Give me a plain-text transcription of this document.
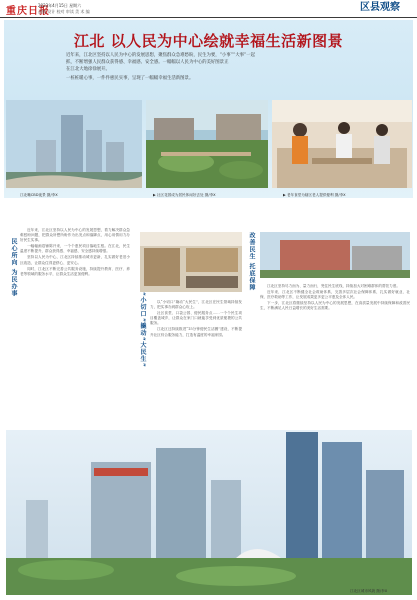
重庆日报
2023年4月15日 星期六
责编 设计 校对 审读 美 术 编	区县观察
江北 以人民为中心绘就幸福生活新图景
近年来，江北区坚持以人民为中心的发展思想，聚焦群众急难愁盼，民生为要，“小事”“大事”一起
抓，不断增强人民群众获得感、幸福感、安全感。一幅幅以人民为中心的美好图景正
在江北大地徐徐展开。
一桩桩暖心事，一件件惠民实事，呈现了一幅幅幸福生活新图景。
江北嘴CBD夜景 摄/李X	▶ 社区花园成为居民休闲好去处 摄/李X	▶ 老年食堂为辖区老人提供便利 摄/李X
民心所向 为民办事
“小切口”撬动“大民生”
改善民生 托底保障

近年来，江北区坚持以人民为中心的发展思想，着力解决群众急难愁盼问题，把群众所想所盼作为出发点和落脚点，用心用情用力办好民生实事。

一幅幅画卷铺陈开来，一个个惠民项目落地生根。在江北，民生温度不断提升，群众获得感、幸福感、安全感持续增强。

坚持以人民为中心，江北区持续推动城市更新，扎实做好老旧小区改造，让群众住得更舒心、更安心。

同时，江北区不断完善公共服务设施，持续提升教育、医疗、养老等领域的服务水平，让群众生活更加便利。

以“小切口”撬动“大民生”，江北区在民生领域持续发力，把实事办到群众心坎上。

社区食堂、口袋公园、便民服务点……一个个民生项目覆盖城乡，让群众在家门口就能享受到优质便捷的公共服务。

江北区还持续推进“15分钟便民生活圈”建设，不断提升社区综合服务能力，打造有温度的幸福家园。

江北区坚持尽力而为、量力而行，兜住民生底线，持续加大对困难群体的帮扶力度。

近年来，江北区不断健全社会救助体系，完善多层次社会保障体系，扎实做好就业、社保、医疗救助等工作，让发展成果更多更公平惠及全体人民。

下一步，江北区将继续坚持以人民为中心的发展思想，在高质量发展中持续保障和改善民生，不断满足人民日益增长的美好生活需要。

江北区城市风貌 摄/李X
